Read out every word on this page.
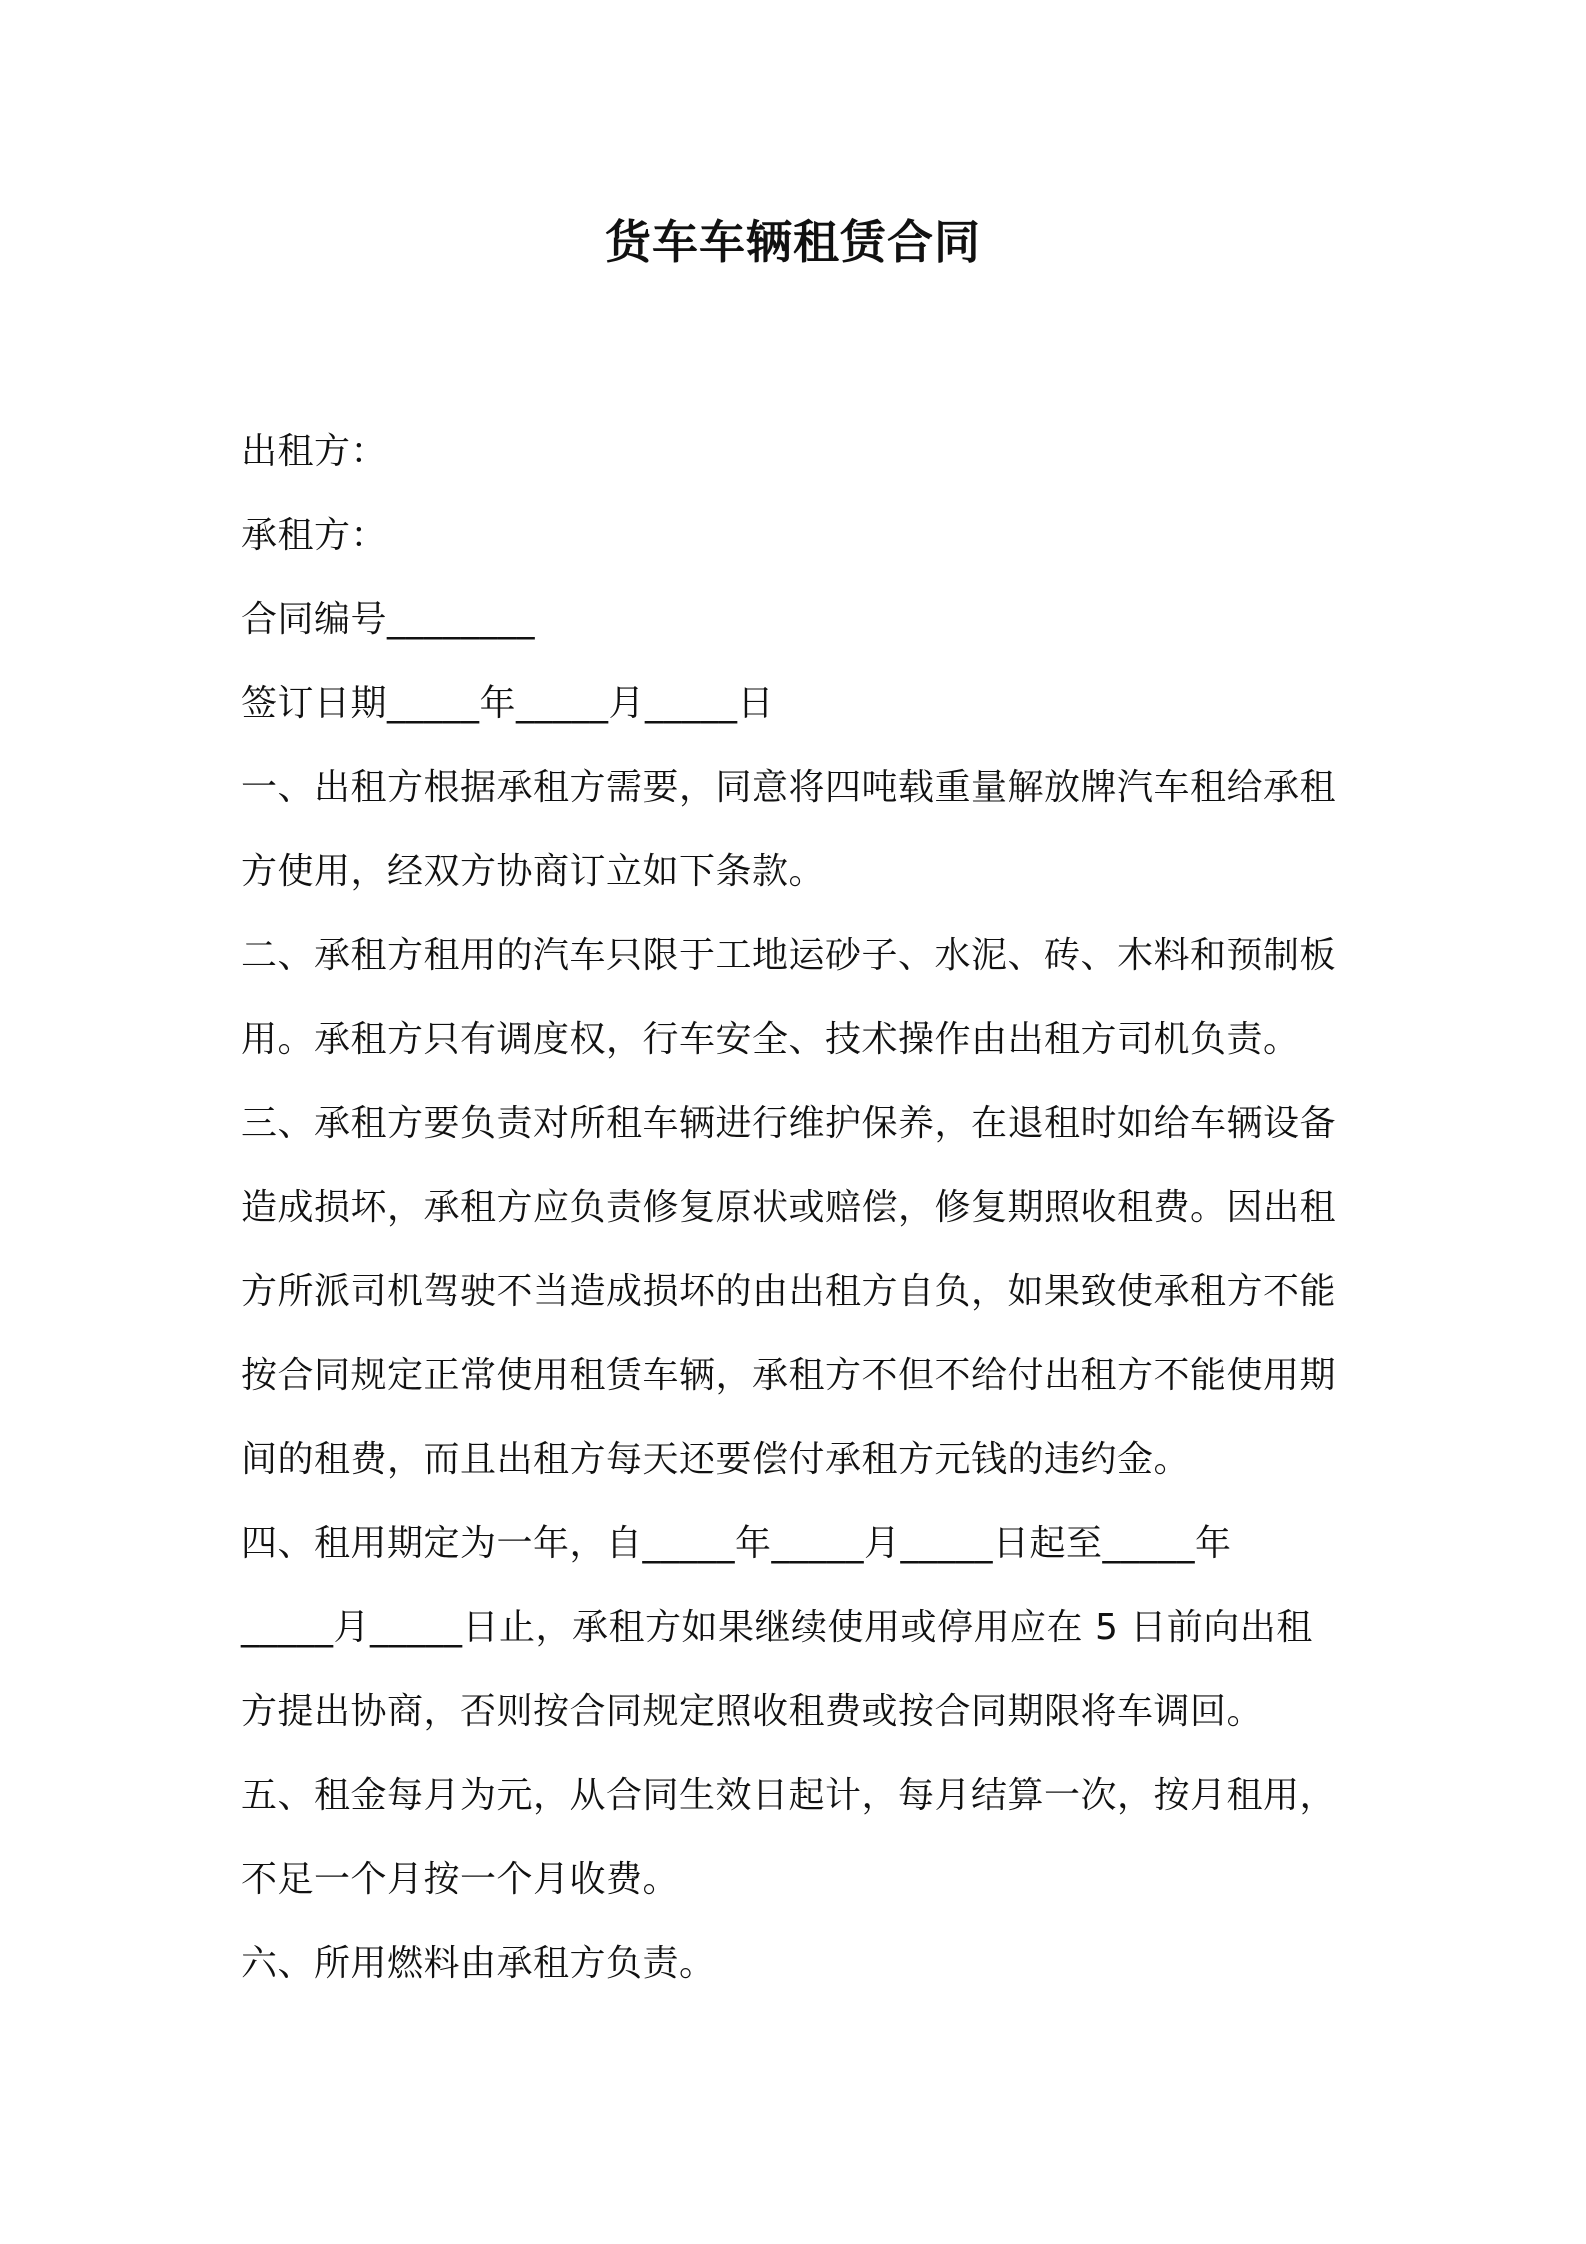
货车车辆租赁合同
出租方：
承租方：
合同编号________
签订日期_____年_____月_____日
一、出租方根据承租方需要，同意将四吨载重量解放牌汽车租给承租
方使用，经双方协商订立如下条款。
二、承租方租用的汽车只限于工地运砂子、水泥、砖、木料和预制板
用。承租方只有调度权，行车安全、技术操作由出租方司机负责。
三、承租方要负责对所租车辆进行维护保养，在退租时如给车辆设备
造成损坏，承租方应负责修复原状或赔偿，修复期照收租费。因出租
方所派司机驾驶不当造成损坏的由出租方自负，如果致使承租方不能
按合同规定正常使用租赁车辆，承租方不但不给付出租方不能使用期
间的租费，而且出租方每天还要偿付承租方元钱的违约金。
四、租用期定为一年，自_____年_____月_____日起至_____年
_____月_____日止，承租方如果继续使用或停用应在 5 日前向出租
方提出协商，否则按合同规定照收租费或按合同期限将车调回。
五、租金每月为元，从合同生效日起计，每月结算一次，按月租用，
不足一个月按一个月收费。
六、所用燃料由承租方负责。
